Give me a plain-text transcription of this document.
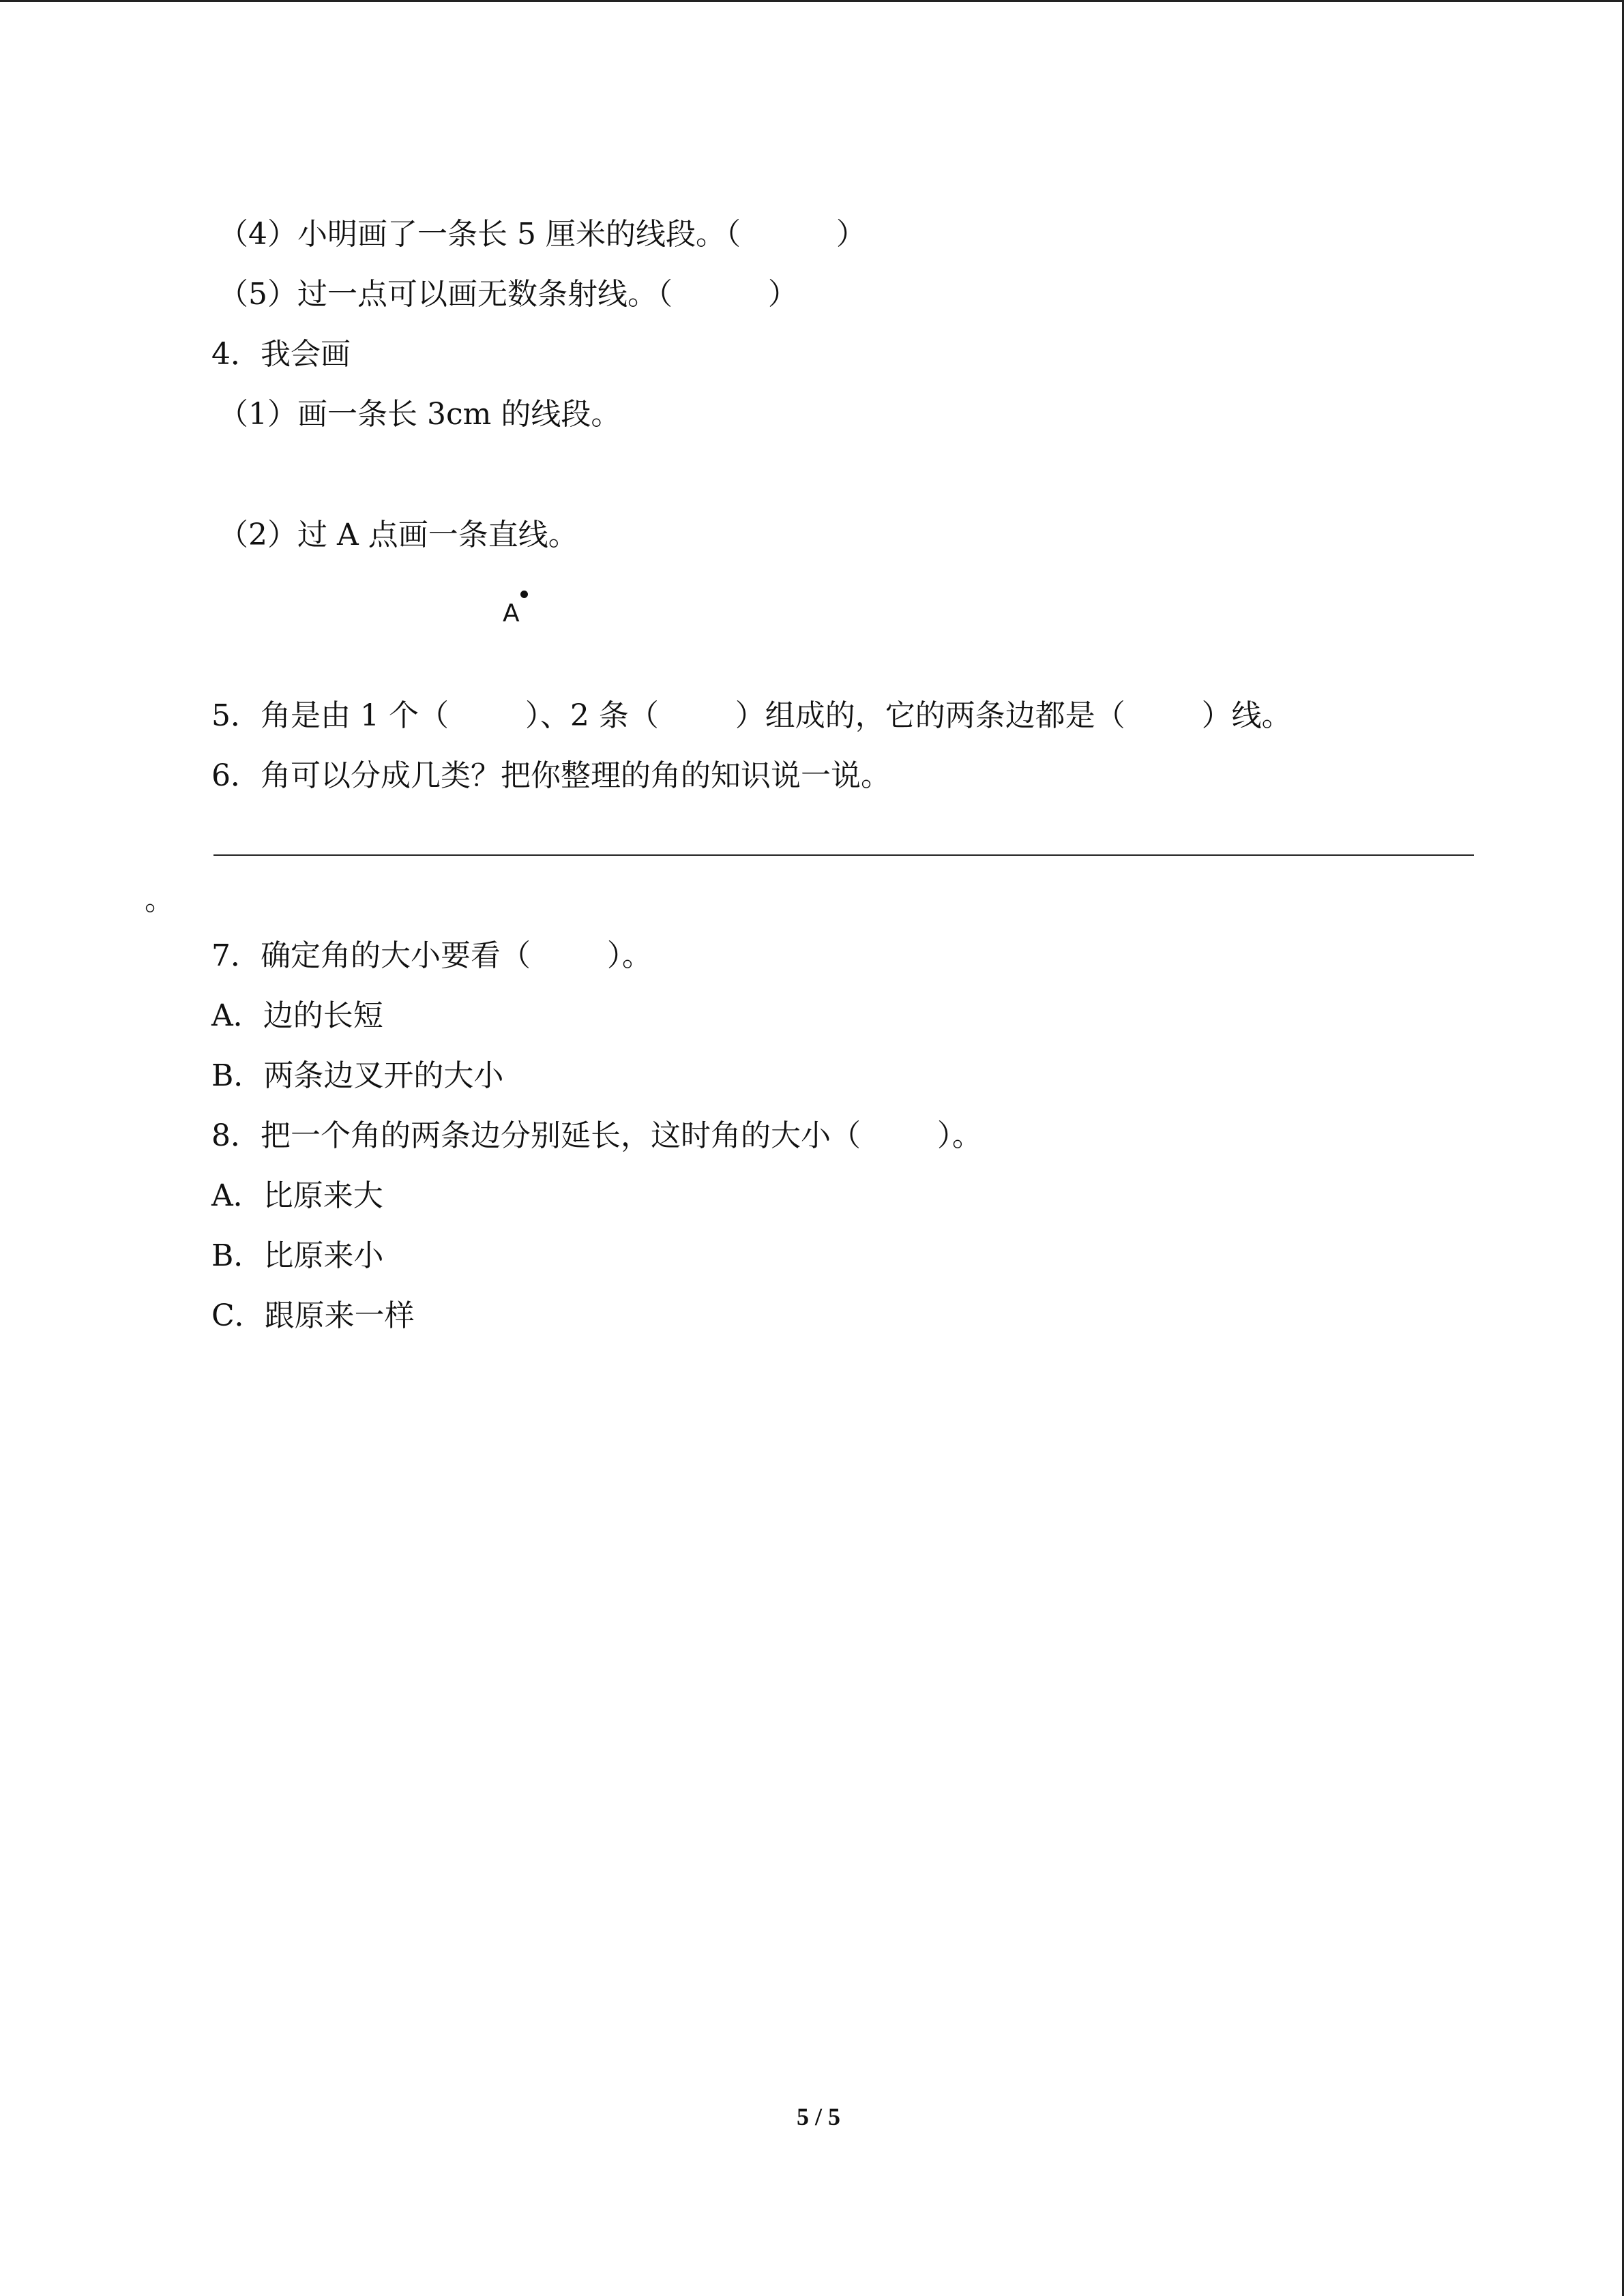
（4）小明画了一条长 5 厘米的线段。（          ）
（5）过一点可以画无数条射线。（          ）
4．我会画
（1）画一条长 3cm 的线段。
（2）过 A 点画一条直线。
A
5．角是由 1 个（        ）、2 条（        ）组成的，它的两条边都是（        ）线。
6．角可以分成几类？把你整理的角的知识说一说。
。
7．确定角的大小要看（        ）。
A．边的长短
B．两条边叉开的大小
8．把一个角的两条边分别延长，这时角的大小（        ）。
A．比原来大
B．比原来小
C．跟原来一样
5 / 5
